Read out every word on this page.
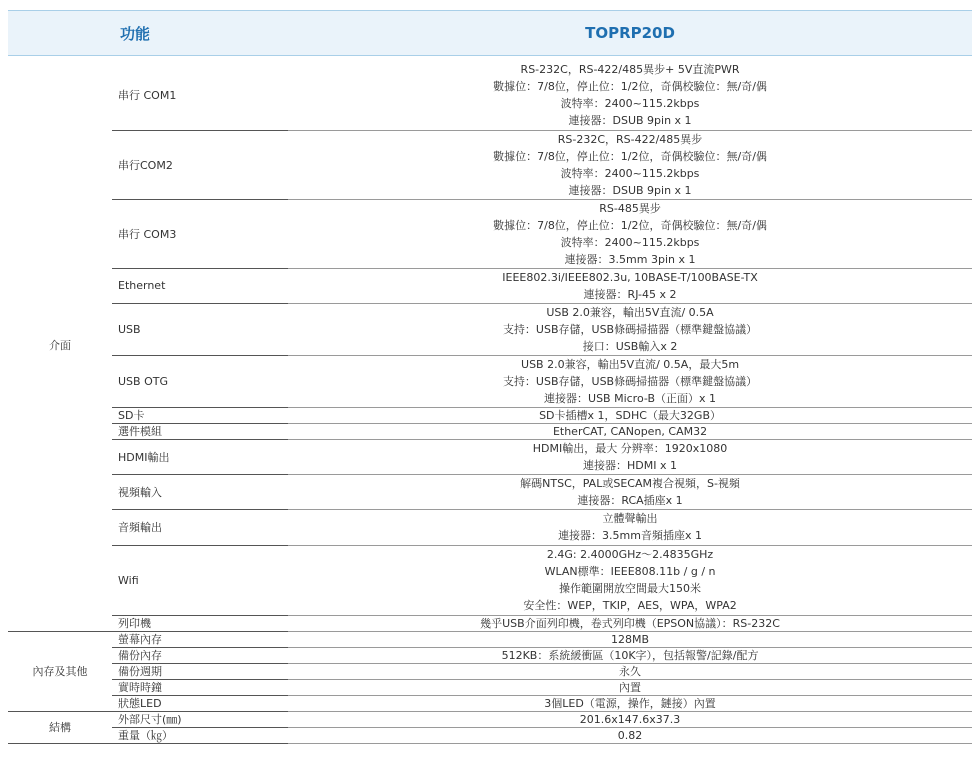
功能			TOPRP20D

介面	串行 COM1		RS-232C，RS-422/485異步+ 5V直流PWR
數據位：7/8位，停止位：1/2位，奇偶校驗位：無/奇/偶
波特率：2400~115.2kbps
連接器：DSUB 9pin x 1

	串行COM2		RS-232C，RS-422/485異步
數據位：7/8位，停止位：1/2位，奇偶校驗位：無/奇/偶
波特率：2400~115.2kbps
連接器：DSUB 9pin x 1

	串行 COM3		RS-485異步
數據位：7/8位，停止位：1/2位，奇偶校驗位：無/奇/偶
波特率：2400~115.2kbps
連接器：3.5mm 3pin x 1

	Ethernet		IEEE802.3i/IEEE802.3u, 10BASE-T/100BASE-TX
連接器：RJ-45 x 2

	USB		USB 2.0兼容，輸出5V直流/ 0.5A
支持：USB存儲，USB條碼掃描器（標準鍵盤協議）
接口：USB輸入x 2

	USB OTG		USB 2.0兼容，輸出5V直流/ 0.5A，最大5m
支持：USB存儲，USB條碼掃描器（標準鍵盤協議）
連接器：USB Micro-B（正面）x 1

	SD卡		SD卡插槽x 1，SDHC（最大32GB）

	選件模組		EtherCAT, CANopen, CAM32

	HDMI輸出		HDMI輸出，最大 分辨率：1920x1080
連接器：HDMI x 1

	視頻輸入		解碼NTSC，PAL或SECAM複合視頻，S-視頻
連接器：RCA插座x 1

	音頻輸出		立體聲輸出
連接器：3.5mm音頻插座x 1

	Wifi		2.4G: 2.4000GHz～2.4835GHz
WLAN標準：IEEE808.11b / g / n
操作範圍開放空間最大150米
安全性：WEP，TKIP，AES，WPA，WPA2

	列印機		幾乎USB介面列印機，卷式列印機（EPSON協議）：RS-232C

內存及其他	螢幕內存		128MB

	備份內存		512KB：系統緩衝區（10K字），包括報警/記錄/配方

	備份週期		永久

	實時時鐘		內置

	狀態LED		3個LED（電源，操作，鏈接）內置

結構	外部尺寸(㎜)		201.6x147.6x37.3

	重量（㎏）		0.82
